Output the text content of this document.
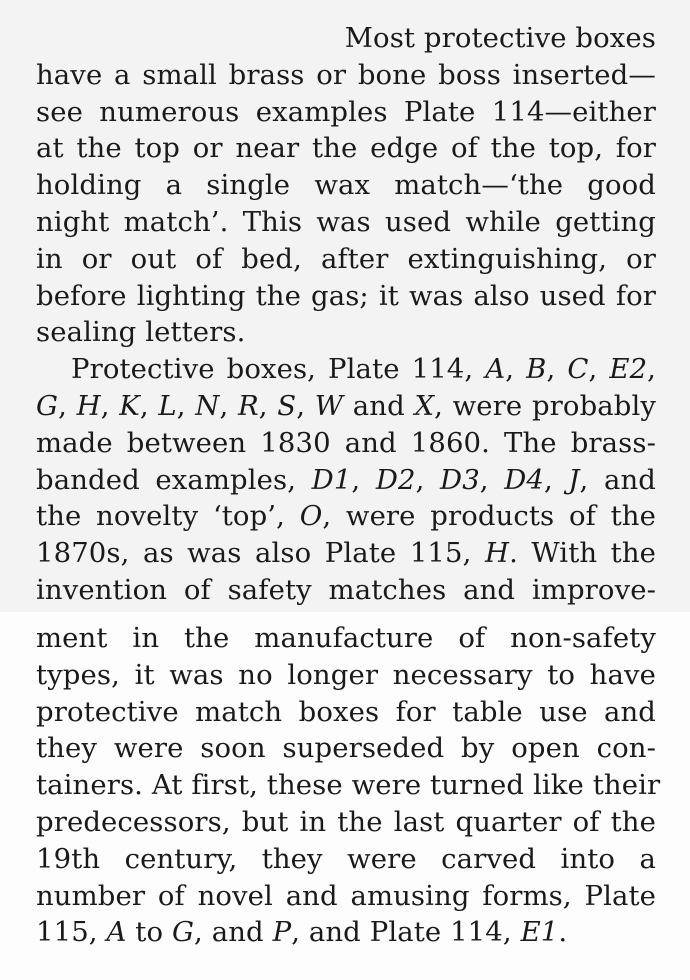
Most protective boxes
have a small brass or bone boss inserted—
see numerous examples Plate 114—either
at the top or near the edge of the top, for
holding a single wax match—‘the good
night match’. This was used while getting
in or out of bed, after extinguishing, or
before lighting the gas; it was also used for
sealing letters.
Protective boxes, Plate 114, A, B, C, E2,
G, H, K, L, N, R, S, W and X, were probably
made between 1830 and 1860. The brass-
banded examples, D1, D2, D3, D4, J, and
the novelty ‘top’, O, were products of the
1870s, as was also Plate 115, H. With the
invention of safety matches and improve-
ment in the manufacture of non-safety
types, it was no longer necessary to have
protective match boxes for table use and
they were soon superseded by open con-
tainers. At first, these were turned like their
predecessors, but in the last quarter of the
19th century, they were carved into a
number of novel and amusing forms, Plate
115, A to G, and P, and Plate 114, E1.
